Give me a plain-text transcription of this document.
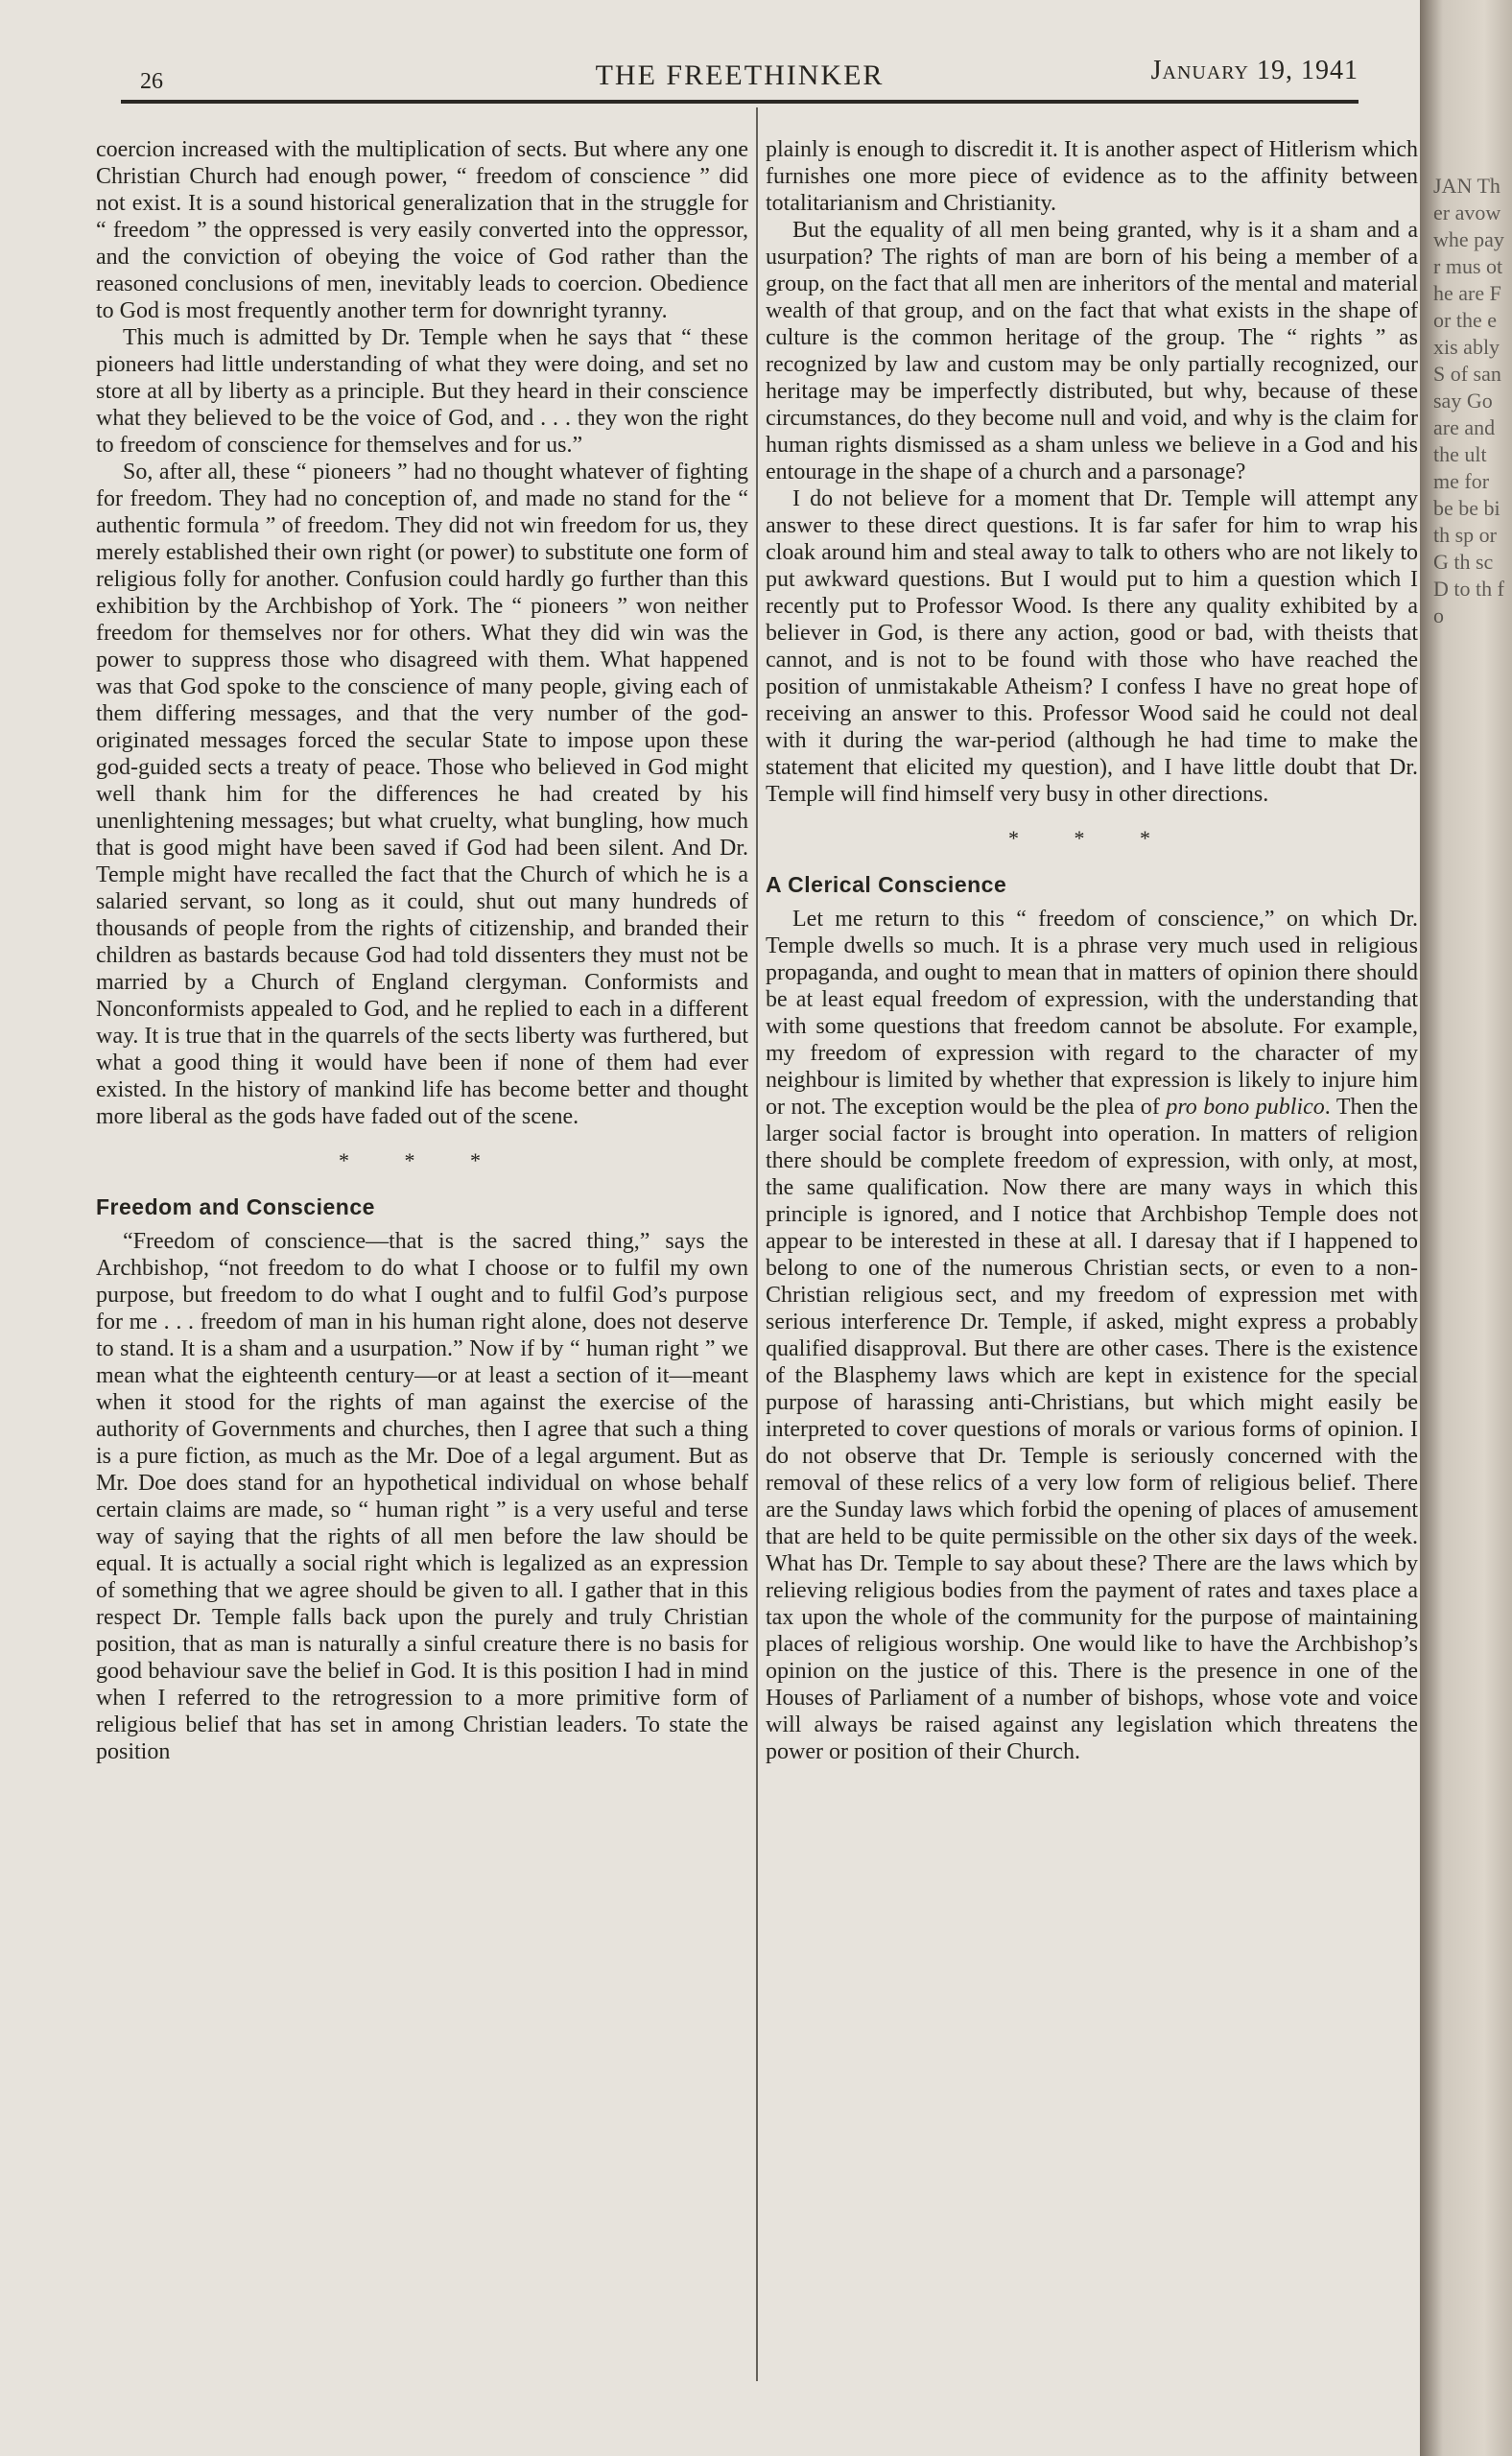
26	THE FREETHINKER	January 19, 1941

coercion increased with the multiplication of sects. But where any one Christian Church had enough power, “ freedom of conscience ” did not exist. It is a sound historical generalization that in the struggle for “ freedom ” the oppressed is very easily converted into the oppressor, and the conviction of obeying the voice of God rather than the reasoned conclusions of men, inevitably leads to coercion. Obedience to God is most frequently another term for downright tyranny.

This much is admitted by Dr. Temple when he says that “ these pioneers had little understanding of what they were doing, and set no store at all by liberty as a principle. But they heard in their conscience what they believed to be the voice of God, and . . . they won the right to freedom of conscience for themselves and for us.”

So, after all, these “ pioneers ” had no thought whatever of fighting for freedom. They had no conception of, and made no stand for the “ authentic formula ” of freedom. They did not win freedom for us, they merely established their own right (or power) to substitute one form of religious folly for another. Confusion could hardly go further than this exhibition by the Archbishop of York. The “ pioneers ” won neither freedom for themselves nor for others. What they did win was the power to suppress those who disagreed with them. What happened was that God spoke to the conscience of many people, giving each of them differing messages, and that the very number of the god-originated messages forced the secular State to impose upon these god-guided sects a treaty of peace. Those who believed in God might well thank him for the differences he had created by his unenlightening messages; but what cruelty, what bungling, how much that is good might have been saved if God had been silent. And Dr. Temple might have recalled the fact that the Church of which he is a salaried servant, so long as it could, shut out many hundreds of thousands of people from the rights of citizenship, and branded their children as bastards because God had told dissenters they must not be married by a Church of England clergyman. Conformists and Nonconformists appealed to God, and he replied to each in a different way. It is true that in the quarrels of the sects liberty was furthered, but what a good thing it would have been if none of them had ever existed. In the history of mankind life has become better and thought more liberal as the gods have faded out of the scene.

* * *
Freedom and Conscience

“Freedom of conscience—that is the sacred thing,” says the Archbishop, “not freedom to do what I choose or to fulfil my own purpose, but freedom to do what I ought and to fulfil God’s purpose for me . . . freedom of man in his human right alone, does not deserve to stand. It is a sham and a usurpation.” Now if by “ human right ” we mean what the eighteenth century—or at least a section of it—meant when it stood for the rights of man against the exercise of the authority of Governments and churches, then I agree that such a thing is a pure fiction, as much as the Mr. Doe of a legal argument. But as Mr. Doe does stand for an hypothetical individual on whose behalf certain claims are made, so “ human right ” is a very useful and terse way of saying that the rights of all men before the law should be equal. It is actually a social right which is legalized as an expression of something that we agree should be given to all. I gather that in this respect Dr. Temple falls back upon the purely and truly Christian position, that as man is naturally a sinful creature there is no basis for good behaviour save the belief in God. It is this position I had in mind when I referred to the retrogression to a more primitive form of religious belief that has set in among Christian leaders. To state the position

plainly is enough to discredit it. It is another aspect of Hitlerism which furnishes one more piece of evidence as to the affinity between totalitarianism and Christianity.

But the equality of all men being granted, why is it a sham and a usurpation? The rights of man are born of his being a member of a group, on the fact that all men are inheritors of the mental and material wealth of that group, and on the fact that what exists in the shape of culture is the common heritage of the group. The “ rights ” as recognized by law and custom may be only partially recognized, our heritage may be imperfectly distributed, but why, because of these circumstances, do they become null and void, and why is the claim for human rights dismissed as a sham unless we believe in a God and his entourage in the shape of a church and a parsonage?

I do not believe for a moment that Dr. Temple will attempt any answer to these direct questions. It is far safer for him to wrap his cloak around him and steal away to talk to others who are not likely to put awkward questions. But I would put to him a question which I recently put to Professor Wood. Is there any quality exhibited by a believer in God, is there any action, good or bad, with theists that cannot, and is not to be found with those who have reached the position of unmistakable Atheism? I confess I have no great hope of receiving an answer to this. Professor Wood said he could not deal with it during the war-period (although he had time to make the statement that elicited my question), and I have little doubt that Dr. Temple will find himself very busy in other directions.

* * *
A Clerical Conscience

Let me return to this “ freedom of conscience,” on which Dr. Temple dwells so much. It is a phrase very much used in religious propaganda, and ought to mean that in matters of opinion there should be at least equal freedom of expression, with the understanding that with some questions that freedom cannot be absolute. For example, my freedom of expression with regard to the character of my neighbour is limited by whether that expression is likely to injure him or not. The exception would be the plea of pro bono publico. Then the larger social factor is brought into operation. In matters of religion there should be complete freedom of expression, with only, at most, the same qualification. Now there are many ways in which this principle is ignored, and I notice that Archbishop Temple does not appear to be interested in these at all. I daresay that if I happened to belong to one of the numerous Christian sects, or even to a non-Christian religious sect, and my freedom of expression met with serious interference Dr. Temple, if asked, might express a probably qualified disapproval. But there are other cases. There is the existence of the Blasphemy laws which are kept in existence for the special purpose of harassing anti-Christians, but which might easily be interpreted to cover questions of morals or various forms of opinion. I do not observe that Dr. Temple is seriously concerned with the removal of these relics of a very low form of religious belief. There are the Sunday laws which forbid the opening of places of amusement that are held to be quite permissible on the other six days of the week. What has Dr. Temple to say about these? There are the laws which by relieving religious bodies from the payment of rates and taxes place a tax upon the whole of the community for the purpose of maintaining places of religious worship. One would like to have the Archbishop’s opinion on the justice of this. There is the presence in one of the Houses of Parliament of a number of bishops, whose vote and voice will always be raised against any legislation which threatens the power or position of their Church.

JAN Ther avow whe payr mus othe are For the exis ably S of san say Go are and the ult me for be be bi th sp or G th sc D to th fo
